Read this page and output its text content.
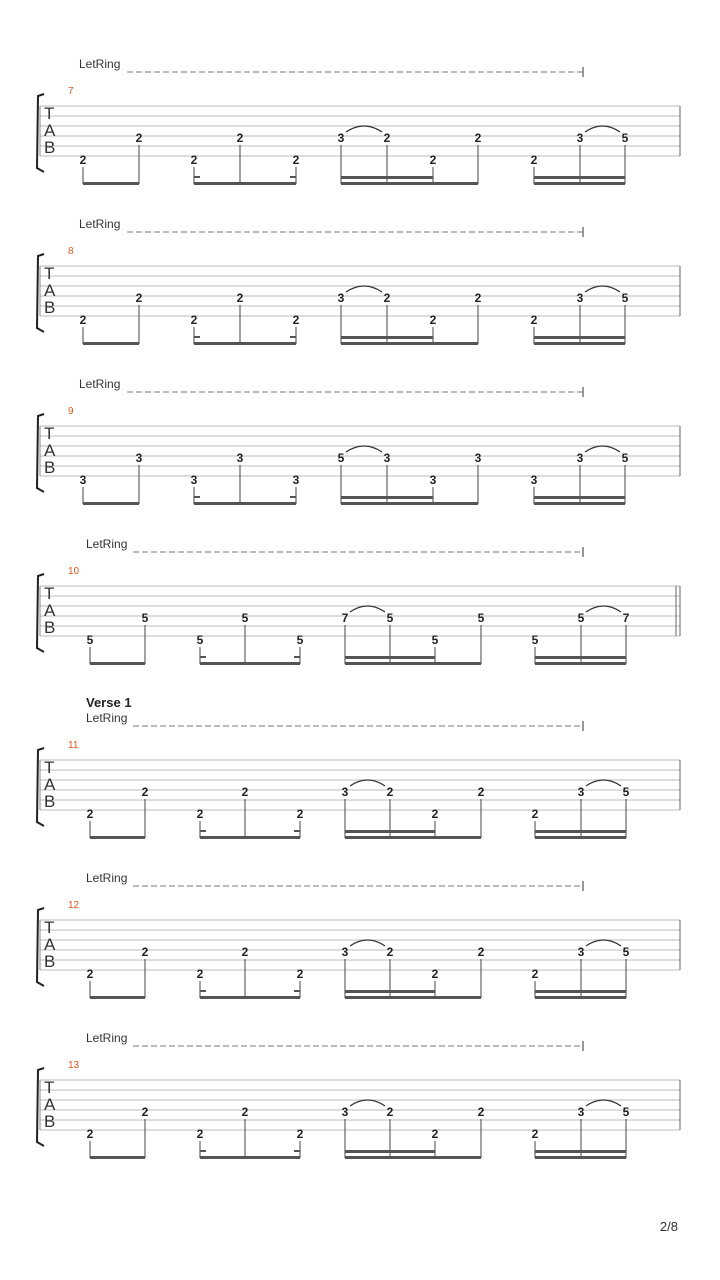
LetRing
7
T
A
B
2
2
2
2
2
3	2
2
2
2
3	5
LetRing
8
T
A
B
2
2
2
2
2
3	2
2
2
2
3	5
LetRing
9
T
A
B
3
3
3
3
3
5	3
3
3
3
3	5
LetRing
10
T
A
B
5
5
5
5
5
7	5
5
5
5
5	7
Verse 1
LetRing
11
T
A
B
2
2
2
2
2
3	2
2
2
2
3	5
LetRing
12
T
A
B
2
2
2
2
2
3	2
2
2
2
3	5
LetRing
13
T
A
B
2
2
2
2
2
3	2
2
2
2
3	5
2/8
